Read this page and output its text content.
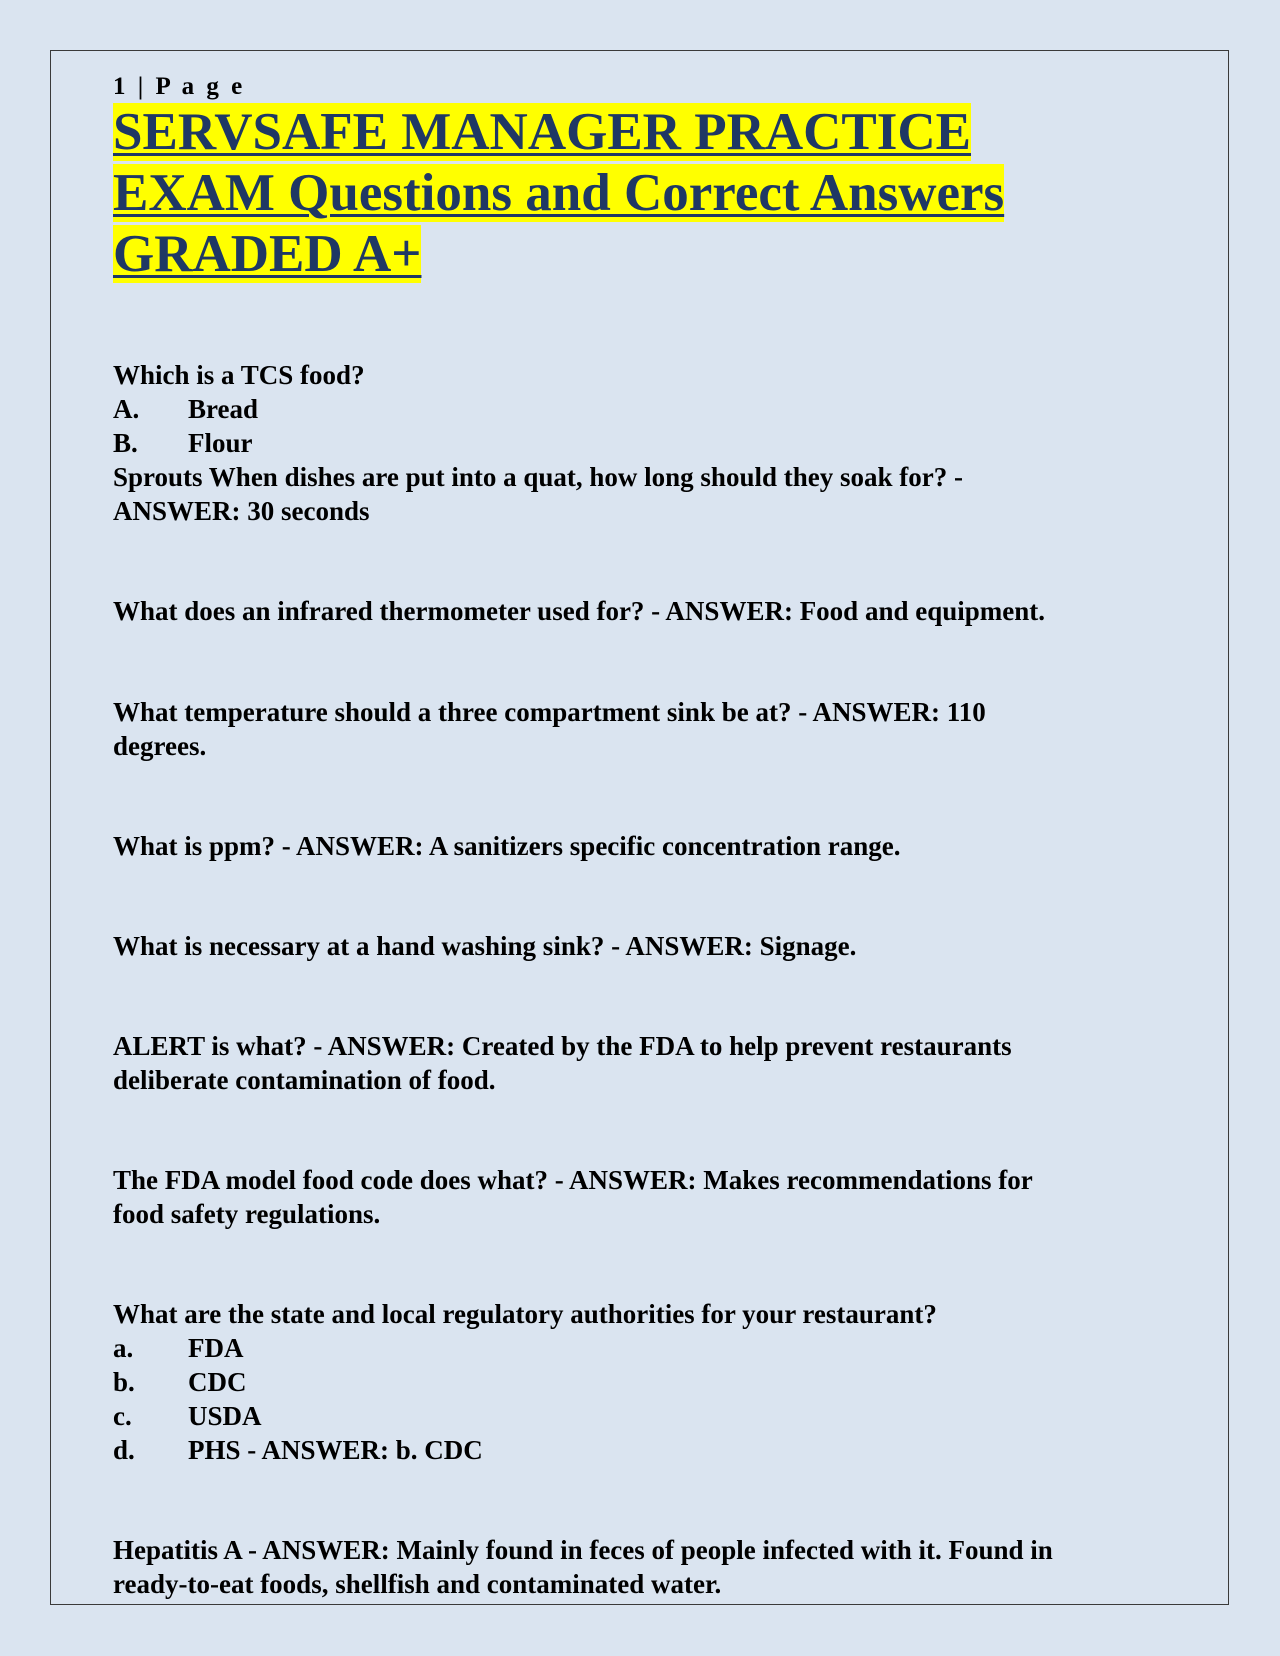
1 | P a g e

SERVSAFE MANAGER PRACTICE
EXAM Questions and Correct Answers
GRADED A+

Which is a TCS food?

A.	Bread
B.	Flour

Sprouts When dishes are put into a quat, how long should they soak for? -

ANSWER: 30 seconds

What does an infrared thermometer used for? - ANSWER: Food and equipment.

What temperature should a three compartment sink be at? - ANSWER: 110

degrees.

What is ppm? - ANSWER: A sanitizers specific concentration range.

What is necessary at a hand washing sink? - ANSWER: Signage.

ALERT is what? - ANSWER: Created by the FDA to help prevent restaurants

deliberate contamination of food.

The FDA model food code does what? - ANSWER: Makes recommendations for

food safety regulations.

What are the state and local regulatory authorities for your restaurant?

a.	FDA
b.	CDC
c.	USDA
d.	PHS - ANSWER: b. CDC

Hepatitis A - ANSWER: Mainly found in feces of people infected with it. Found in

ready-to-eat foods, shellfish and contaminated water.
